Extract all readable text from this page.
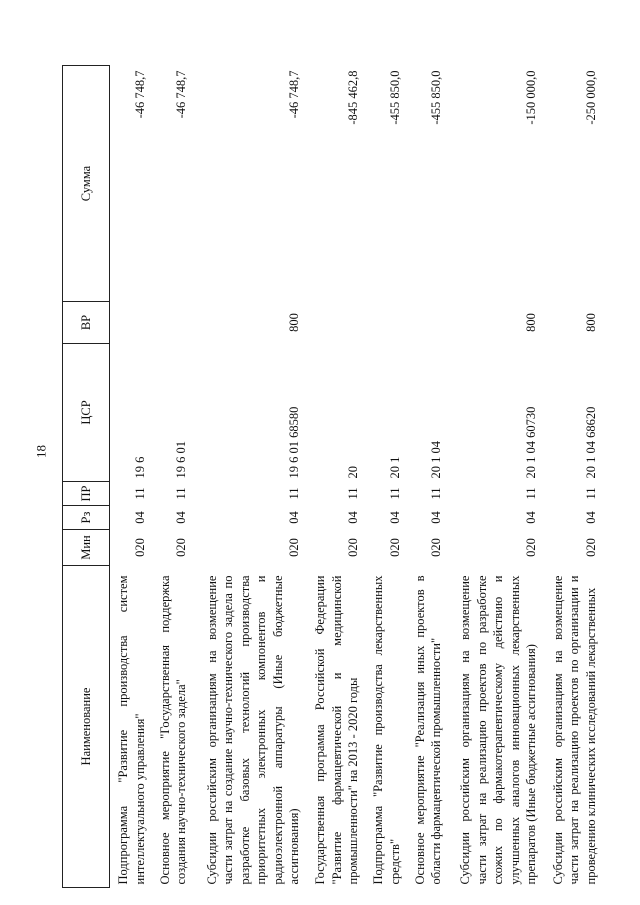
18
Наименование	Мин	Рз	ПР	ЦСР	ВР	Сумма
Подпрограмма "Развитие производства систем интеллектуального управления"	020	04	11	19 6		-46 748,7
Основное мероприятие "Государственная поддержка создания научно-технического задела"	020	04	11	19 6 01		-46 748,7
Субсидии российским организациям на возмещение части затрат на создание научно-технического задела по разработке базовых технологий производства приоритетных электронных компонентов и радиоэлектронной аппаратуры (Иные бюджетные ассигнования)	020	04	11	19 6 01 68580	800	-46 748,7
Государственная программа Российской Федерации "Развитие фармацевтической и медицинской промышленности" на 2013 - 2020 годы	020	04	11	20		-845 462,8
Подпрограмма "Развитие производства лекарственных средств"	020	04	11	20 1		-455 850,0
Основное мероприятие "Реализация иных проектов в области фармацевтической промышленности"	020	04	11	20 1 04		-455 850,0
Субсидии российским организациям на возмещение части затрат на реализацию проектов по разработке схожих по фармакотерапевтическому действию и улучшенных аналогов инновационных лекарственных препаратов (Иные бюджетные ассигнования)	020	04	11	20 1 04 60730	800	-150 000,0
Субсидии российским организациям на возмещение части затрат на реализацию проектов по организации и проведению клинических исследований лекарственных	020	04	11	20 1 04 68620	800	-250 000,0
